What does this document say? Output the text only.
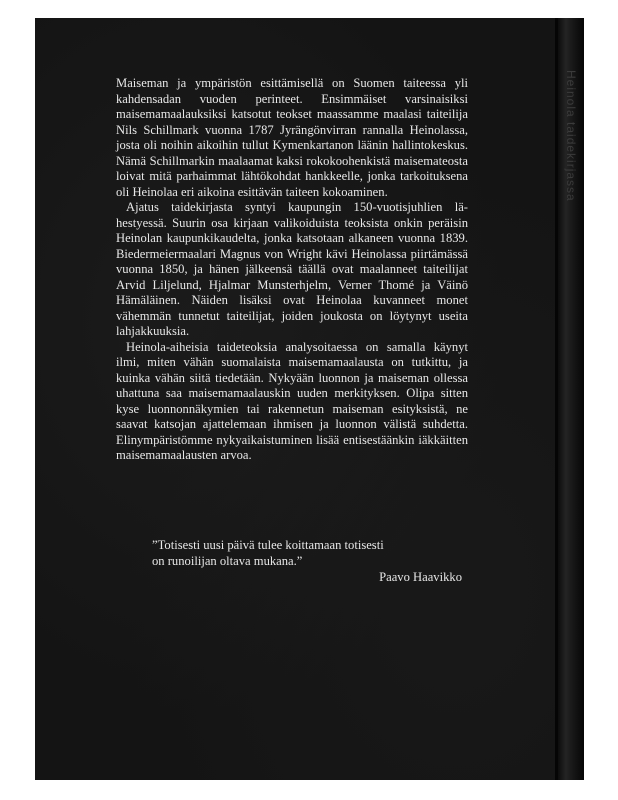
Heinola taidekirjassa

Maiseman ja ympäristön esittämisellä on Suomen taiteessa yli kahdensadan vuoden perinteet. Ensimmäiset varsinaisiksi maisemamaalauksiksi katsotut teokset maassamme maalasi taiteilija Nils Schillmark vuonna 1787 Jyrängönvirran rannalla Heinolassa, josta oli noihin aikoihin tullut Kymenkartanon läänin hallintokeskus. Nämä Schillmarkin maalaamat kaksi rokokoohenkistä maisemateosta loivat mitä parhaimmat lähtökohdat hankkeelle, jonka tarkoituksena oli Heinolaa eri aikoina esittävän taiteen kokoaminen.

Ajatus taidekirjasta syntyi kaupungin 150-vuotisjuhlien lähestyessä. Suurin osa kirjaan valikoiduista teoksista onkin peräisin Heinolan kaupunkikaudelta, jonka katsotaan alkaneen vuonna 1839. Biedermeiermaalari Magnus von Wright kävi Heinolassa piirtämässä vuonna 1850, ja hänen jälkeensä täällä ovat maalanneet taiteilijat Arvid Liljelund, Hjalmar Munsterhjelm, Verner Thomé ja Väinö Hämäläinen. Näiden lisäksi ovat Heinolaa kuvanneet monet vähemmän tunnetut taiteilijat, joiden joukosta on löytynyt useita lahjakkuuksia.

Heinola-aiheisia taideteoksia analysoitaessa on samalla käynyt ilmi, miten vähän suomalaista maisemamaalausta on tutkittu, ja kuinka vähän siitä tiedetään. Nykyään luonnon ja maiseman ollessa uhattuna saa maisemamaalauskin uuden merkityksen. Olipa sitten kyse luonnonnäkymien tai rakennetun maiseman esityksistä, ne saavat katsojan ajattelemaan ihmisen ja luonnon välistä suhdetta. Elinympäristömme nykyaikaistuminen lisää entisestäänkin iäkkäitten maisemamaalausten arvoa.

”Totisesti uusi päivä tulee koittamaan totisesti
on runoilijan oltava mukana.”
Paavo Haavikko
